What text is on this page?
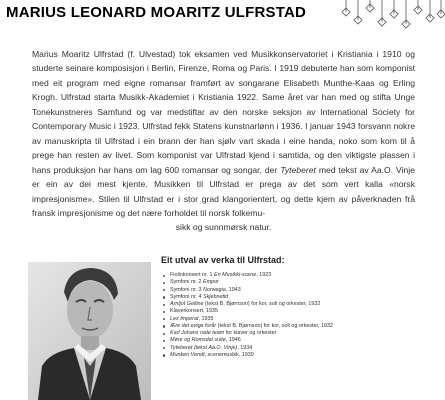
MARIUS LEONARD MOARITZ ULFRSTAD

Marius Moaritz Ulfrstad (f. Ulvestad) tok eksamen ved Musikkonservatoriet i Kristiania i 1910 og studerte seinare komposisjon i Berlin, Firenze, Roma og Paris. I 1919 debuterte han som komponist med eit program med eigne romansar framført av songarane Elisabeth Munthe-Kaas og Erling Krogh. Ulfrstad starta Musikk-Akademiet i Kristiania 1922. Same året var han med og stifta Unge Tonekunstneres Samfund og var medstiftar av den norske seksjon av International Society for Contemporary Music i 1923. Ulfrstad fekk Statens kunstnarlønn i 1936. I januar 1943 forsvann nokre av manuskripta til Ulfrstad i ein brann der han sjølv vart skada i eine handa, noko som kom til å prege han resten av livet. Som komponist var Ulfrstad kjend i samtida, og den viktigste plassen i hans produksjon har hans om lag 600 romansar og songar, der Tyteberet med tekst av Aa.O. Vinje er ein av dei mest kjente. Musikken til Ulfrstad er prega av det som vert kalla «norsk impresjonisme». Stilen til Ulfrstad er i stor grad klangorientert, og dette kjem av påverknaden frå fransk impresjonisme og det nære forholdet til norsk folkemu-
sikk og sunnmørsk natur.

Eit utval av verka til Ulfrstad:
Fiolinkonsert nr. 1 En Musikki-scene, 1923
Symfoni nr. 2 Empor
Symfoni nr. 3 Norwegia, 1943
Symfoni nr. 4 Skjebnetid
Arnljot Gelline (tekst B. Bjørnson) for kor, soli og orkester, 1932
Klaverkonsert, 1935
Lex Imperat, 1935
Ære det evige forår (tekst B. Bjørnson) for kor, soli og orkester, 1932
Karl Johans rade team for klaver og orkester
Møre og Romsdal suite, 1946
Tyteberet (tekst Aa.O. Vinje), 1934
Munken Vendt, scenemusikk, 1939
